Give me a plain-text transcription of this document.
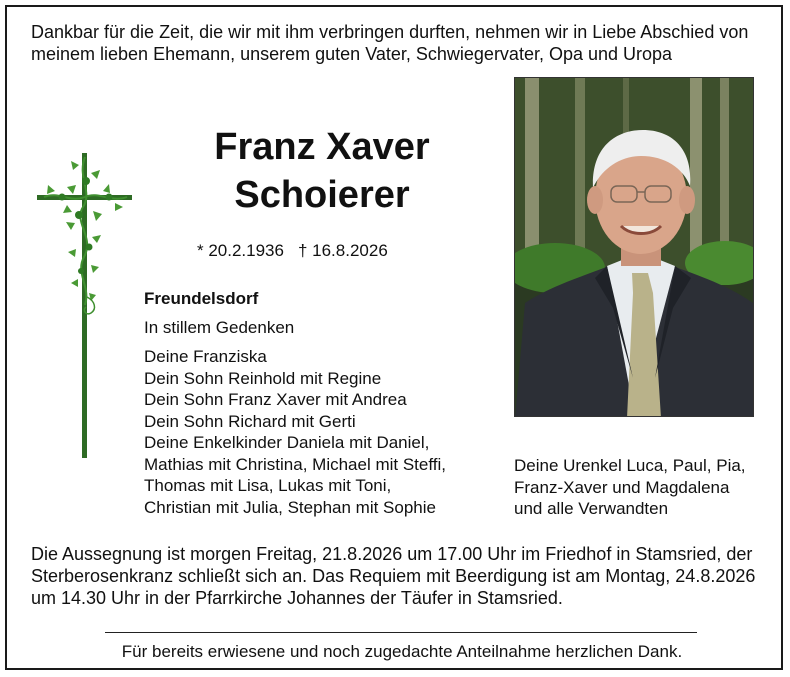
Dankbar für die Zeit, die wir mit ihm verbringen durften, nehmen wir in Liebe Abschied von meinem lieben Ehemann, unserem guten Vater, Schwiegervater, Opa und Uropa

Franz Xaver
Schoierer

* 20.2.1936 † 16.8.2026

Freundelsdorf

In stillem Gedenken

Deine Franziska
Dein Sohn Reinhold mit Regine
Dein Sohn Franz Xaver mit Andrea
Dein Sohn Richard mit Gerti
Deine Enkelkinder Daniela mit Daniel,
Mathias mit Christina, Michael mit Steffi,
Thomas mit Lisa, Lukas mit Toni,
Christian mit Julia, Stephan mit Sophie
Deine Urenkel Luca, Paul, Pia,
Franz-Xaver und Magdalena
und alle Verwandten

Die Aussegnung ist morgen Freitag, 21.8.2026 um 17.00 Uhr im Friedhof in Stamsried, der Sterberosenkranz schließt sich an. Das Requiem mit Beerdigung ist am Montag, 24.8.2026 um 14.30 Uhr in der Pfarrkirche Johannes der Täufer in Stamsried.

Für bereits erwiesene und noch zugedachte Anteilnahme herzlichen Dank.
